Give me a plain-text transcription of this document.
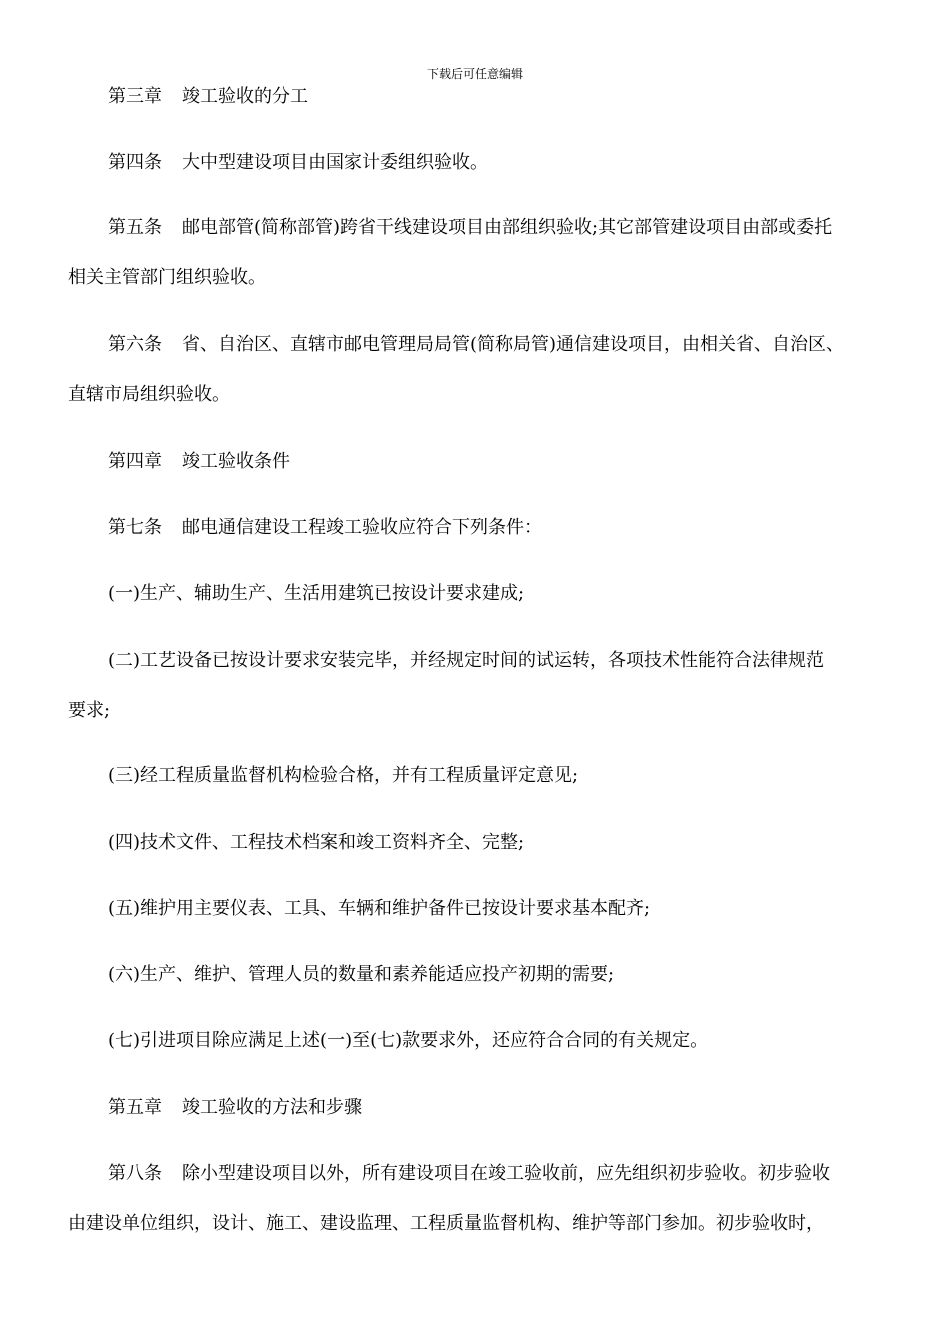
下载后可任意编辑
第三章 竣工验收的分工
第四条 大中型建设项目由国家计委组织验收。
第五条 邮电部管(简称部管)跨省干线建设项目由部组织验收;其它部管建设项目由部或委托
相关主管部门组织验收。
第六条 省、自治区、直辖市邮电管理局局管(简称局管)通信建设项目，由相关省、自治区、
直辖市局组织验收。
第四章 竣工验收条件
第七条 邮电通信建设工程竣工验收应符合下列条件：
(一)生产、辅助生产、生活用建筑已按设计要求建成;
(二)工艺设备已按设计要求安装完毕，并经规定时间的试运转，各项技术性能符合法律规范
要求;
(三)经工程质量监督机构检验合格，并有工程质量评定意见;
(四)技术文件、工程技术档案和竣工资料齐全、完整;
(五)维护用主要仪表、工具、车辆和维护备件已按设计要求基本配齐;
(六)生产、维护、管理人员的数量和素养能适应投产初期的需要;
(七)引进项目除应满足上述(一)至(七)款要求外，还应符合合同的有关规定。
第五章 竣工验收的方法和步骤
第八条 除小型建设项目以外，所有建设项目在竣工验收前，应先组织初步验收。初步验收
由建设单位组织，设计、施工、建设监理、工程质量监督机构、维护等部门参加。初步验收时，
